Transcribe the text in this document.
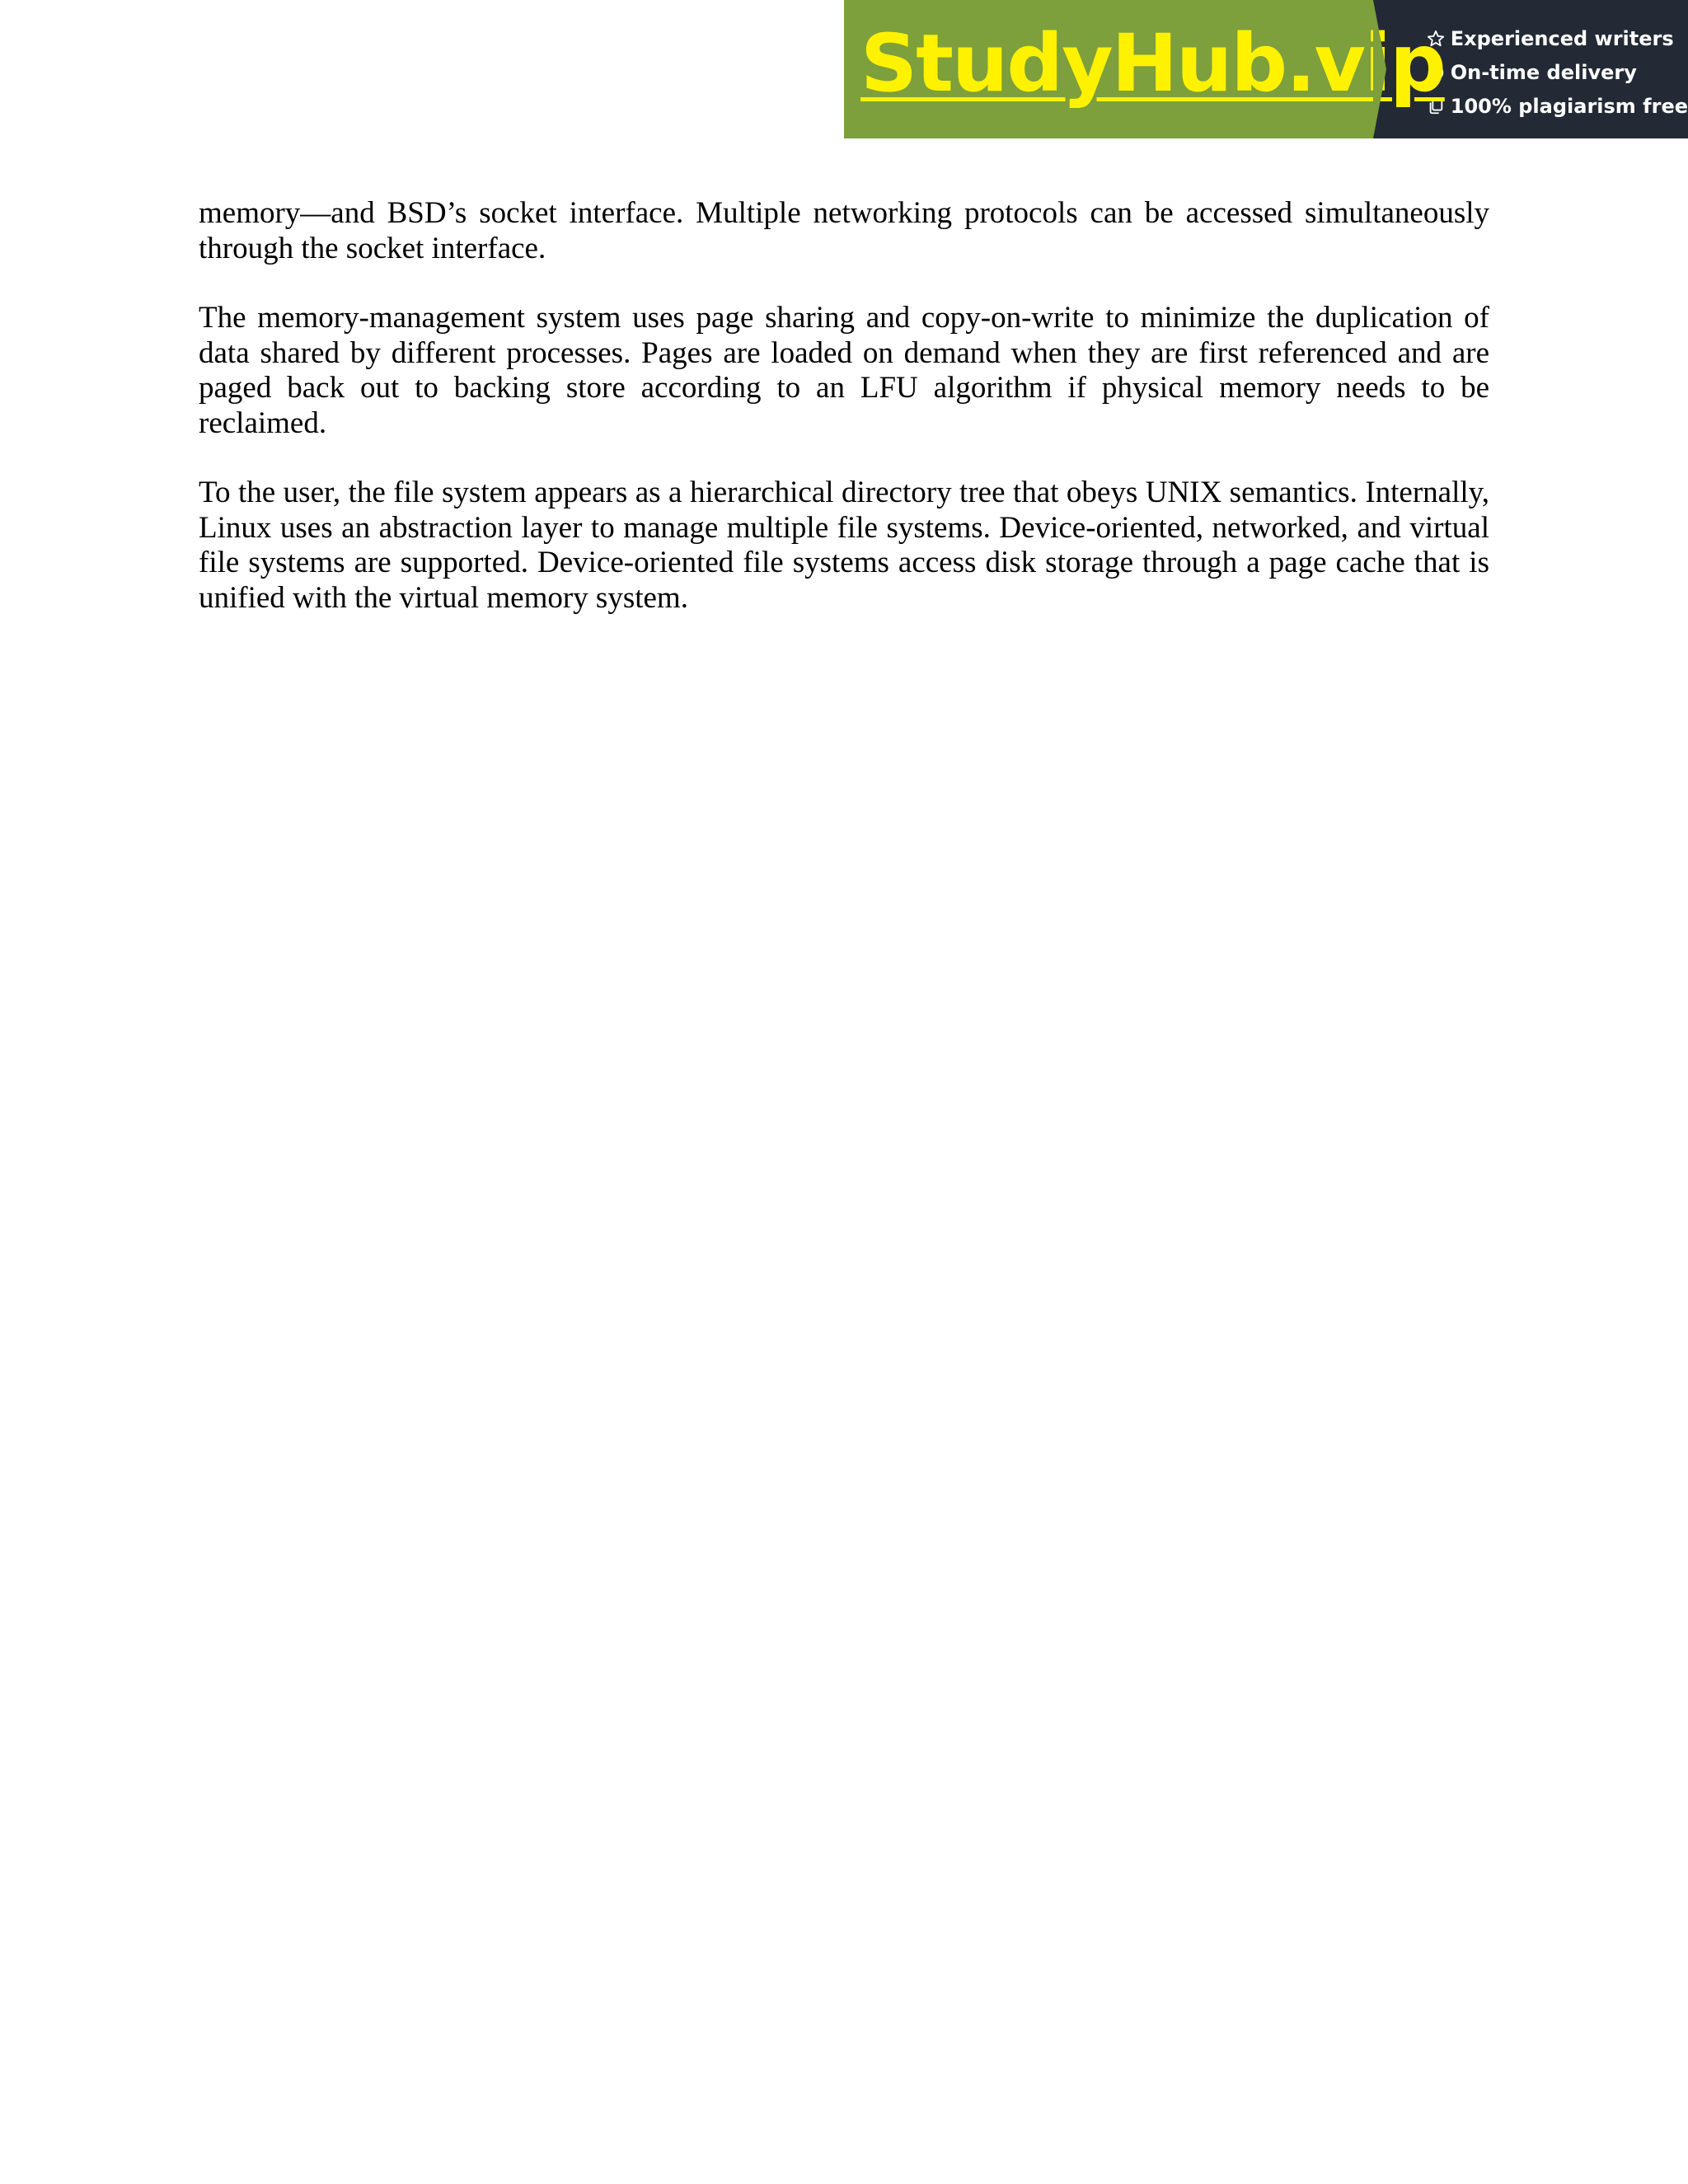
StudyHub.vip Experienced writers
On-time delivery
100% plagiarism free

memory—and BSD’s socket interface. Multiple networking protocols can be accessed simultaneously through the socket interface.

The memory-management system uses page sharing and copy-on-write to minimize the duplication of data shared by different processes. Pages are loaded on demand when they are first referenced and are paged back out to backing store according to an LFU algorithm if physical memory needs to be reclaimed.

To the user, the file system appears as a hierarchical directory tree that obeys UNIX semantics. Internally, Linux uses an abstraction layer to manage multiple file systems. Device-oriented, networked, and virtual file systems are supported. Device-oriented file systems access disk storage through a page cache that is unified with the virtual memory system.
